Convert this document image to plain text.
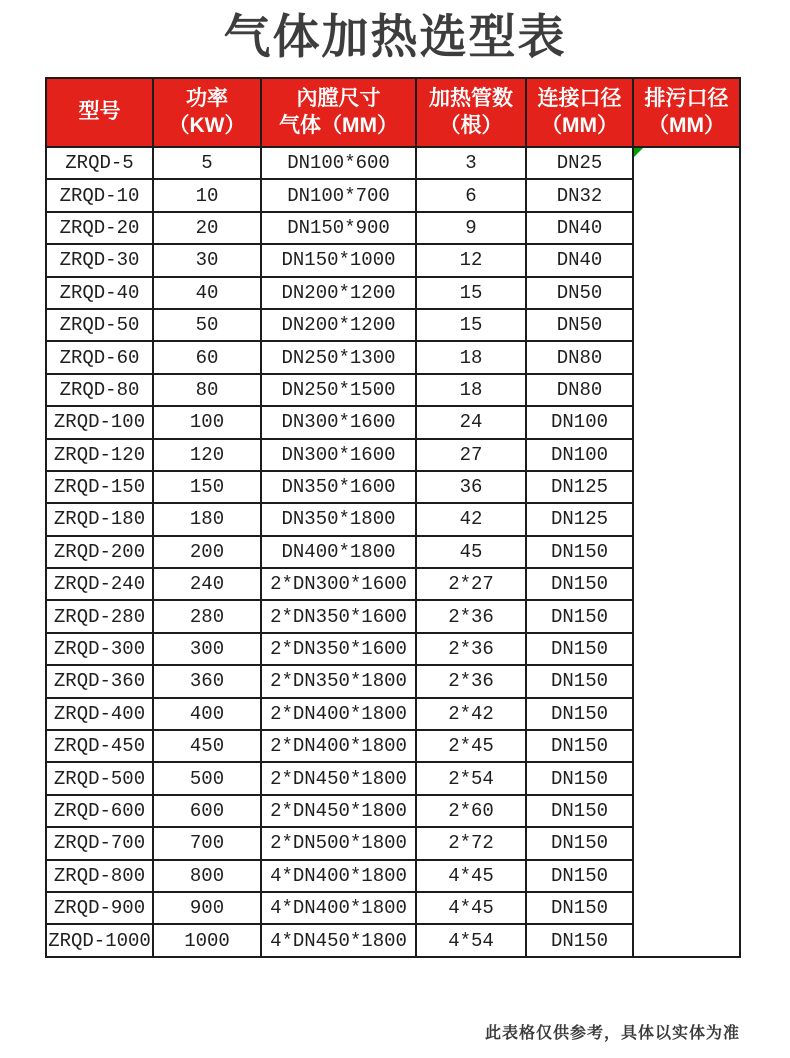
气体加热选型表
型号

功率
（KW）

內膛尺寸
气体（MM）

加热管数
（根）

连接口径
（MM）

排污口径
（MM）

ZRQD-5	5	DN100*600	3	DN25	

ZRQD-10	10	DN100*700	6	DN32	
ZRQD-20	20	DN150*900	9	DN40	
ZRQD-30	30	DN150*1000	12	DN40	
ZRQD-40	40	DN200*1200	15	DN50	
ZRQD-50	50	DN200*1200	15	DN50	
ZRQD-60	60	DN250*1300	18	DN80	
ZRQD-80	80	DN250*1500	18	DN80	
ZRQD-100	100	DN300*1600	24	DN100	
ZRQD-120	120	DN300*1600	27	DN100	
ZRQD-150	150	DN350*1600	36	DN125	
ZRQD-180	180	DN350*1800	42	DN125	
ZRQD-200	200	DN400*1800	45	DN150	
ZRQD-240	240	2*DN300*1600	2*27	DN150	
ZRQD-280	280	2*DN350*1600	2*36	DN150	
ZRQD-300	300	2*DN350*1600	2*36	DN150	
ZRQD-360	360	2*DN350*1800	2*36	DN150	
ZRQD-400	400	2*DN400*1800	2*42	DN150	
ZRQD-450	450	2*DN400*1800	2*45	DN150	
ZRQD-500	500	2*DN450*1800	2*54	DN150	
ZRQD-600	600	2*DN450*1800	2*60	DN150	
ZRQD-700	700	2*DN500*1800	2*72	DN150	
ZRQD-800	800	4*DN400*1800	4*45	DN150	
ZRQD-900	900	4*DN400*1800	4*45	DN150	
ZRQD-1000	1000	4*DN450*1800	4*54	DN150	
此表格仅供参考，具体以实体为准
